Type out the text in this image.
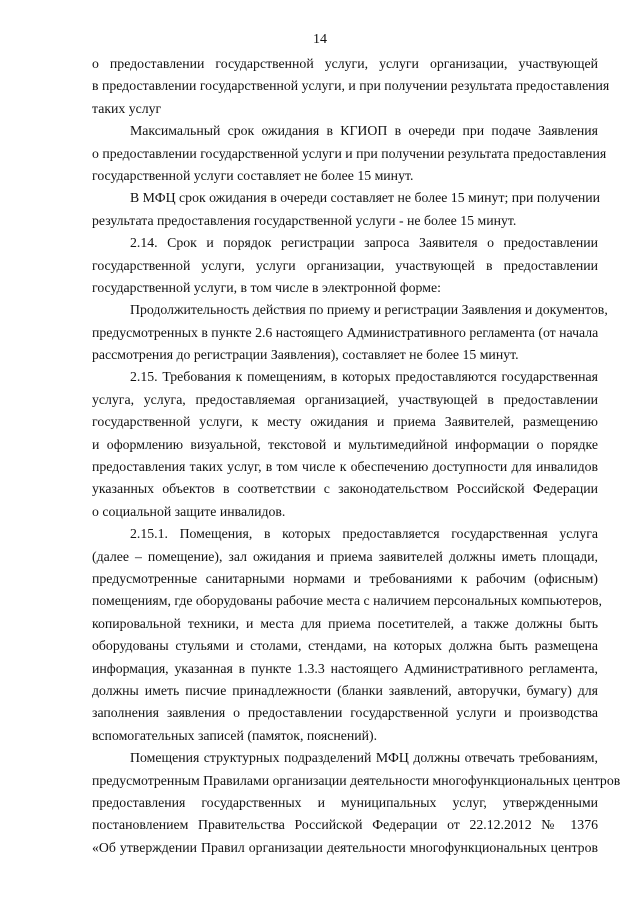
14
о предоставлении государственной услуги, услуги организации, участвующей
в предоставлении государственной услуги, и при получении результата предоставления
таких услуг
Максимальный срок ожидания в КГИОП в очереди при подаче Заявления
о предоставлении государственной услуги и при получении результата предоставления
государственной услуги составляет не более 15 минут.
В МФЦ срок ожидания в очереди составляет не более 15 минут; при получении
результата предоставления государственной услуги - не более 15 минут.
2.14. Срок и порядок регистрации запроса Заявителя о предоставлении
государственной услуги, услуги организации, участвующей в предоставлении
государственной услуги, в том числе в электронной форме:
Продолжительность действия по приему и регистрации Заявления и документов,
предусмотренных в пункте 2.6 настоящего Административного регламента (от начала
рассмотрения до регистрации Заявления), составляет не более 15 минут.
2.15. Требования к помещениям, в которых предоставляются государственная
услуга, услуга, предоставляемая организацией, участвующей в предоставлении
государственной услуги, к месту ожидания и приема Заявителей, размещению
и оформлению визуальной, текстовой и мультимедийной информации о порядке
предоставления таких услуг, в том числе к обеспечению доступности для инвалидов
указанных объектов в соответствии с законодательством Российской Федерации
о социальной защите инвалидов.
2.15.1. Помещения, в которых предоставляется государственная услуга
(далее – помещение), зал ожидания и приема заявителей должны иметь площади,
предусмотренные санитарными нормами и требованиями к рабочим (офисным)
помещениям, где оборудованы рабочие места с наличием персональных компьютеров,
копировальной техники, и места для приема посетителей, а также должны быть
оборудованы стульями и столами, стендами, на которых должна быть размещена
информация, указанная в пункте 1.3.3 настоящего Административного регламента,
должны иметь писчие принадлежности (бланки заявлений, авторучки, бумагу) для
заполнения заявления о предоставлении государственной услуги и производства
вспомогательных записей (памяток, пояснений).
Помещения структурных подразделений МФЦ должны отвечать требованиям,
предусмотренным Правилами организации деятельности многофункциональных центров
предоставления государственных и муниципальных услуг, утвержденными
постановлением Правительства Российской Федерации от 22.12.2012 № 1376
«Об утверждении Правил организации деятельности многофункциональных центров
